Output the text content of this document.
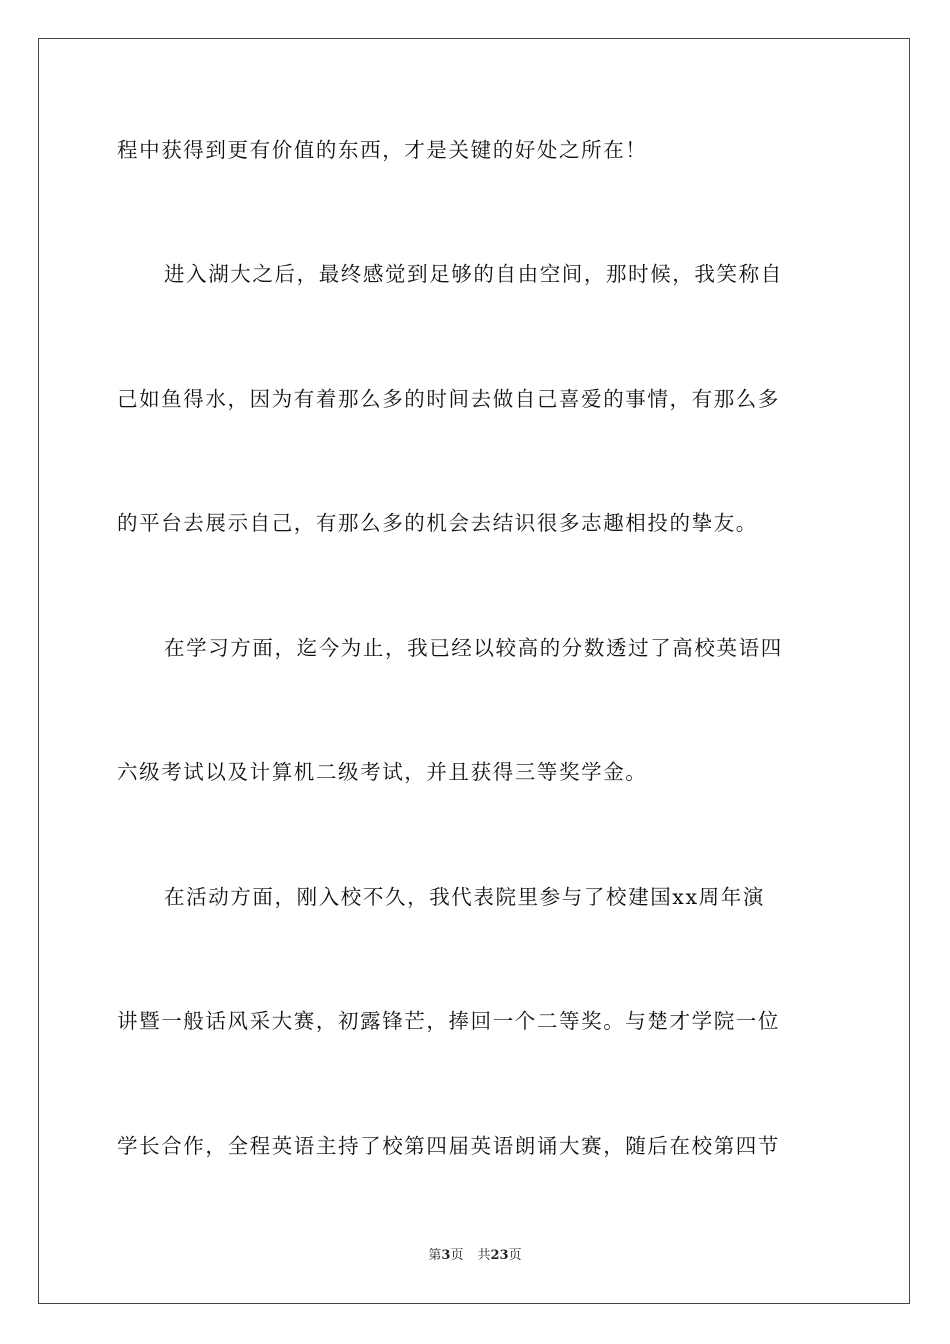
程中获得到更有价值的东西，才是关键的好处之所在！
进入湖大之后，最终感觉到足够的自由空间，那时候，我笑称自
己如鱼得水，因为有着那么多的时间去做自己喜爱的事情，有那么多
的平台去展示自己，有那么多的机会去结识很多志趣相投的挚友。
在学习方面，迄今为止，我已经以较高的分数透过了高校英语四
六级考试以及计算机二级考试，并且获得三等奖学金。
在活动方面，刚入校不久，我代表院里参与了校建国xx周年演
讲暨一般话风采大赛，初露锋芒，捧回一个二等奖。与楚才学院一位
学长合作，全程英语主持了校第四届英语朗诵大赛，随后在校第四节
第3页 共23页
